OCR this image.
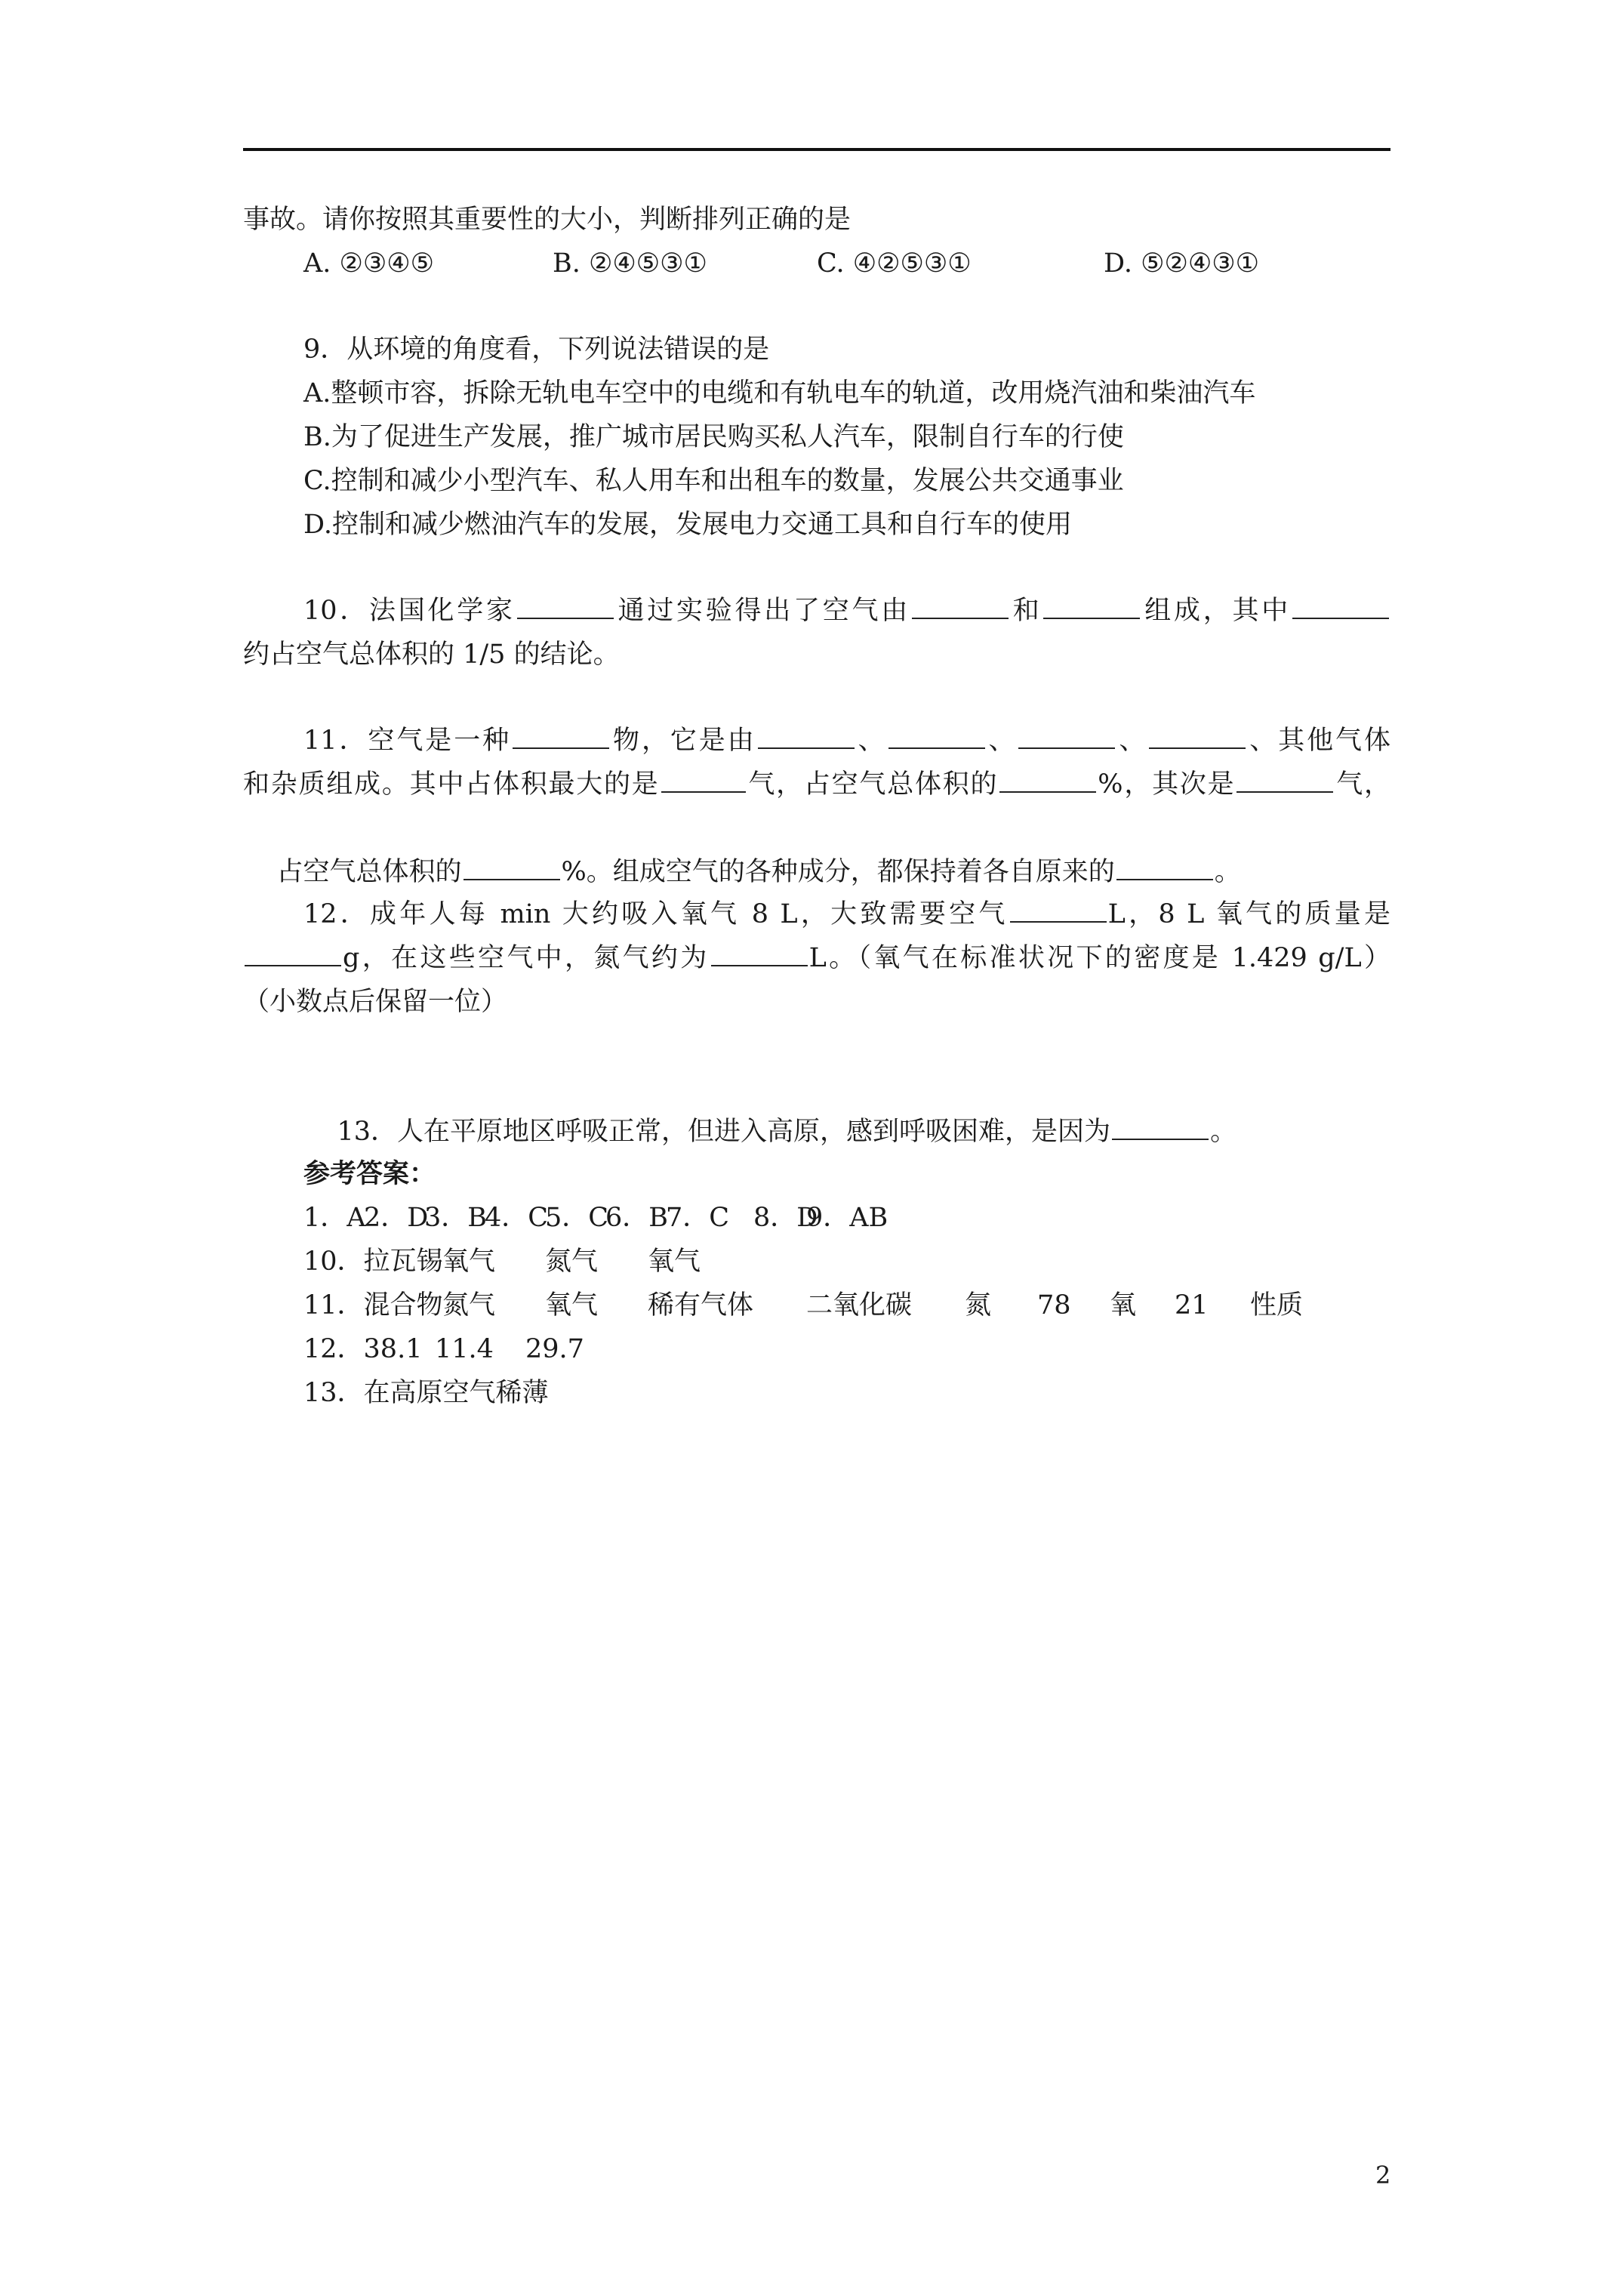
事故。请你按照其重要性的大小，判断排列正确的是
A. ②③④⑤	B. ②④⑤③①	C. ④②⑤③①	D. ⑤②④③①
9．从环境的角度看，下列说法错误的是
A.整顿市容，拆除无轨电车空中的电缆和有轨电车的轨道，改用烧汽油和柴油汽车
B.为了促进生产发展，推广城市居民购买私人汽车，限制自行车的行使
C.控制和减少小型汽车、私人用车和出租车的数量，发展公共交通事业
D.控制和减少燃油汽车的发展，发展电力交通工具和自行车的使用
10．法国化学家	通过实验得出了空气由	和	组成，其中
约占空气总体积的 1/5 的结论。
11．空气是一种	物，它是由	、	、	、	、其他气体
和杂质组成。其中占体积最大的是	气，占空气总体积的	%，其次是	气，

占空气总体积的	%。组成空气的各种成分，都保持着各自原来的	。

12．成年人每 min 大约吸入氧气 8 L，大致需要空气	L，8 L 氧气的质量是
g，在这些空气中，氮气约为	L。（氧气在标准状况下的密度是 1.429 g/L）
（小数点后保留一位）

13．人在平原地区呼吸正常，但进入高原，感到呼吸困难，是因为	。

参考答案：
1．A
2．D
3．B
4．C
5．C
6．B
7．C 8．D
9．AB
10．拉瓦锡 氧气	氮气	氧气
11．混合物 氮气	氧气	稀有气体	二氧化碳	氮	78	氧	21	性质
12．38.1 11.4	29.7
13．在高原空气稀薄
2
